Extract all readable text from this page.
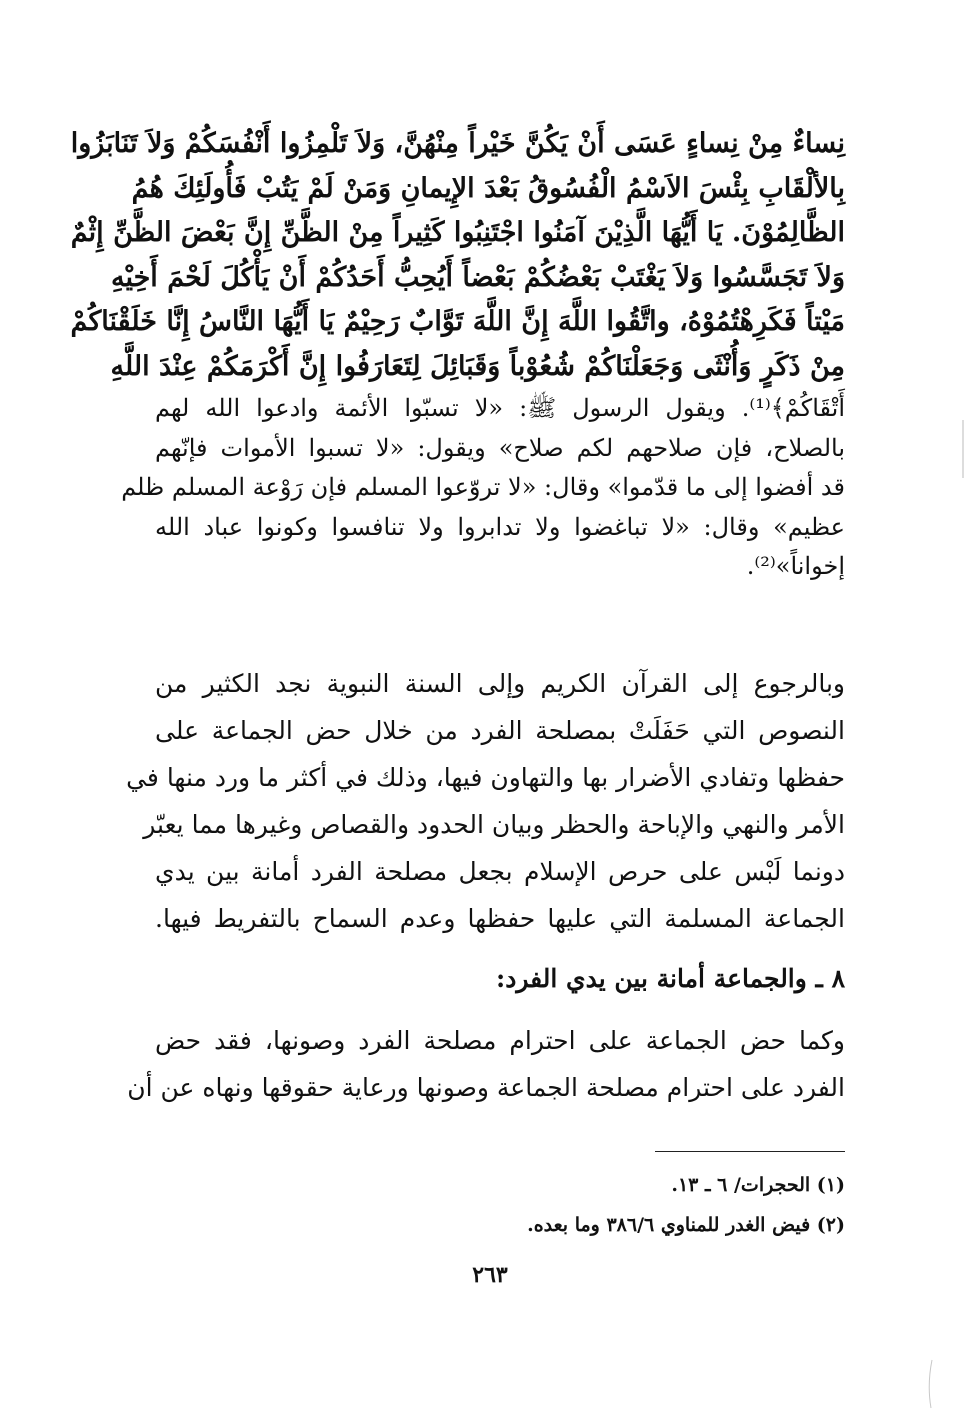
نِساءٌ مِنْ نِساءٍ عَسَى أَنْ يَكُنَّ خَيْراً مِنْهُنَّ، وَلاَ تَلْمِزُوا أَنْفُسَكُمْ وَلاَ تَنَابَزُوا
بِالألْقَابِ بِئْسَ الاَسْمُ الْفُسُوقُ بَعْدَ الإِيمانِ وَمَنْ لَمْ يَتُبْ فَأُولَئِكَ هُمُ
الظَّالِمُوْنَ. يَا أَيُّهَا الَّذِيْنَ آمَنُوا اجْتَنِبُوا كَثِيراً مِنْ الظَّنِّ إِنَّ بَعْضَ الظَّنِّ إِثْمٌ
وَلاَ تَجَسَّسُوا وَلاَ يَغْتَبْ بَعْضُكُمْ بَعْضاً أَيُحِبُّ أَحَدُكُمْ أَنْ يَأْكُلَ لَحْمَ أَخِيْهِ
مَيْتاً فَكَرِهْتُمُوْهُ، واتَّقُوا اللَّهَ إِنَّ اللَّهَ تَوَّابٌ رَحِيْمٌ يَا أَيُّهَا النَّاسُ إِنَّا خَلَقْنَاكُمْ
مِنْ ذَكَرٍ وَأُنْثَى وَجَعَلْنَاكُمْ شُعُوْباً وَقَبَائِلَ لِتَعَارَفُوا إِنَّ أَكْرَمَكُمْ عِنْدَ اللَّهِ
أَتْقَاكُمْ﴾⁽¹⁾. ويقول الرسول ﷺ: «لا تسبّوا الأئمة وادعوا الله لهم
بالصلاح، فإن صلاحهم لكم صلاح» ويقول: «لا تسبوا الأموات فإنّهم
قد أفضوا إلى ما قدّموا» وقال: «لا تروّعوا المسلم فإن رَوْعة المسلم ظلم
عظيم» وقال: «لا تباغضوا ولا تدابروا ولا تنافسوا وكونوا عباد الله
إخواناً»⁽²⁾.
وبالرجوع إلى القرآن الكريم وإلى السنة النبوية نجد الكثير من
النصوص التي حَفَلَتْ بمصلحة الفرد من خلال حض الجماعة على
حفظها وتفادي الأضرار بها والتهاون فيها، وذلك في أكثر ما ورد منها في
الأمر والنهي والإباحة والحظر وبيان الحدود والقصاص وغيرها مما يعبّر
دونما لَبْس على حرص الإسلام بجعل مصلحة الفرد أمانة بين يدي
الجماعة المسلمة التي عليها حفظها وعدم السماح بالتفريط فيها.
٨ ـ والجماعة أمانة بين يدي الفرد:
وكما حض الجماعة على احترام مصلحة الفرد وصونها، فقد حض
الفرد على احترام مصلحة الجماعة وصونها ورعاية حقوقها ونهاه عن أن
(١) الحجرات/ ٦ ـ ١٣.
(٢) فيض الغدر للمناوي ٣٨٦/٦ وما بعده.
٢٦٣
